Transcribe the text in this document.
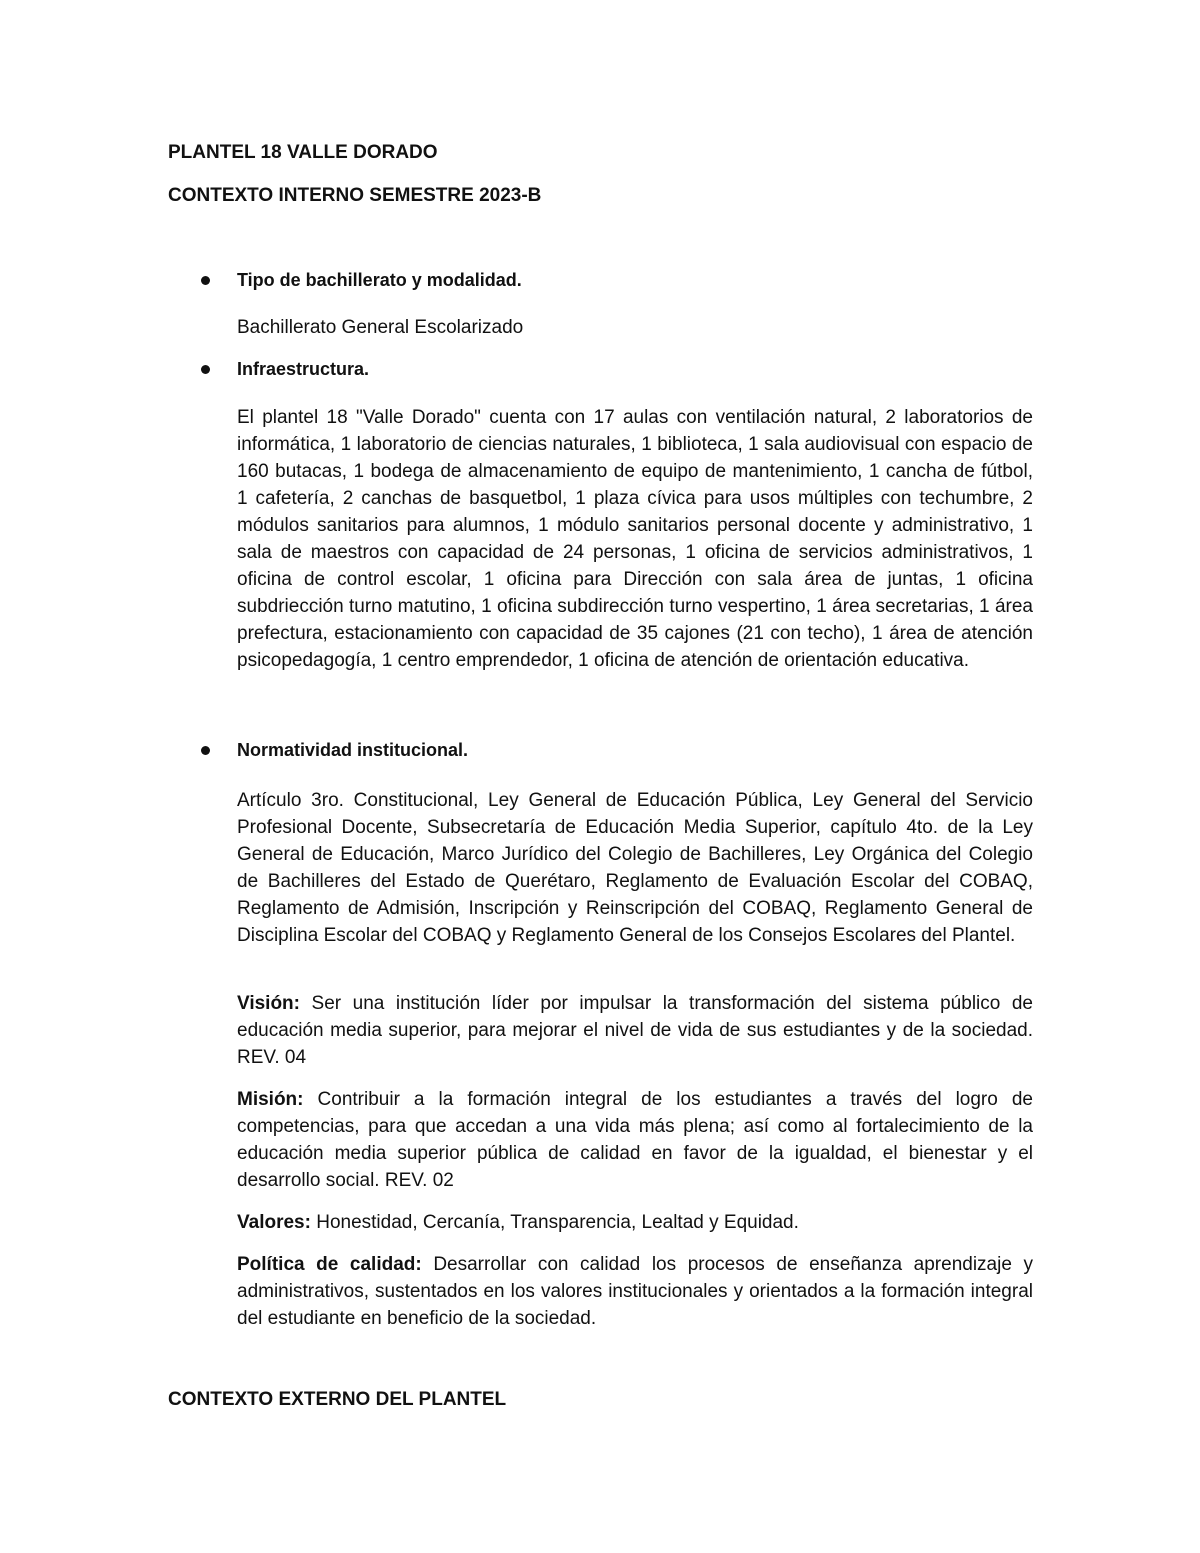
PLANTEL 18 VALLE DORADO
CONTEXTO INTERNO SEMESTRE 2023-B
Tipo de bachillerato y modalidad.

Bachillerato General Escolarizado

Infraestructura.

El plantel 18 "Valle Dorado" cuenta con 17 aulas con ventilación natural, 2 laboratorios de informática, 1 laboratorio de ciencias naturales, 1 biblioteca, 1 sala audiovisual con espacio de 160 butacas, 1 bodega de almacenamiento de equipo de mantenimiento, 1 cancha de fútbol, 1 cafetería, 2 canchas de basquetbol, 1 plaza cívica para usos múltiples con techumbre, 2 módulos sanitarios para alumnos, 1 módulo sanitarios personal docente y administrativo, 1 sala de maestros con capacidad de 24 personas, 1 oficina de servicios administrativos, 1 oficina de control escolar, 1 oficina para Dirección con sala área de juntas, 1 oficina subdriección turno matutino, 1 oficina subdirección turno vespertino, 1 área secretarias, 1 área prefectura, estacionamiento con capacidad de 35 cajones (21 con techo), 1 área de atención psicopedagogía, 1 centro emprendedor, 1 oficina de atención de orientación educativa.

Normatividad institucional.

Artículo 3ro. Constitucional, Ley General de Educación Pública, Ley General del Servicio Profesional Docente, Subsecretaría de Educación Media Superior, capítulo 4to. de la Ley General de Educación, Marco Jurídico del Colegio de Bachilleres, Ley Orgánica del Colegio de Bachilleres del Estado de Querétaro, Reglamento de Evaluación Escolar del COBAQ, Reglamento de Admisión, Inscripción y Reinscripción del COBAQ, Reglamento General de Disciplina Escolar del COBAQ y Reglamento General de los Consejos Escolares del Plantel.

Visión: Ser una institución líder por impulsar la transformación del sistema público de educación media superior, para mejorar el nivel de vida de sus estudiantes y de la sociedad. REV. 04

Misión: Contribuir a la formación integral de los estudiantes a través del logro de competencias, para que accedan a una vida más plena; así como al fortalecimiento de la educación media superior pública de calidad en favor de la igualdad, el bienestar y el desarrollo social. REV. 02

Valores: Honestidad, Cercanía, Transparencia, Lealtad y Equidad.

Política de calidad: Desarrollar con calidad los procesos de enseñanza aprendizaje y administrativos, sustentados en los valores institucionales y orientados a la formación integral del estudiante en beneficio de la sociedad.

CONTEXTO EXTERNO DEL PLANTEL
